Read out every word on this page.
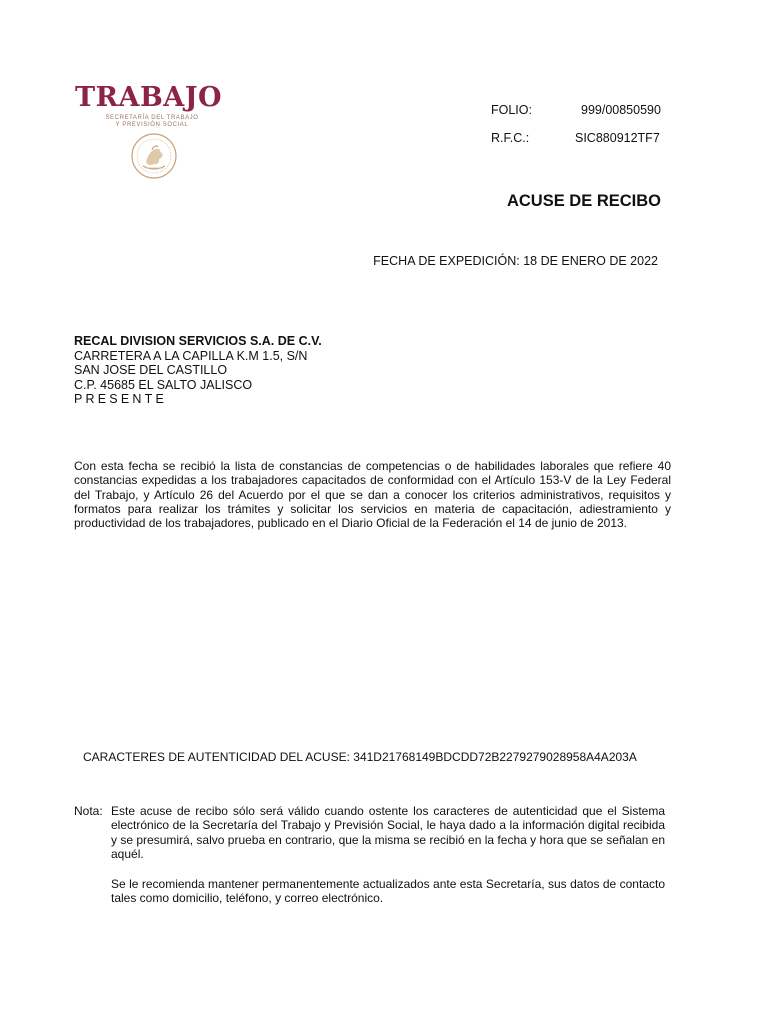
TRABAJO
SECRETARÍA DEL TRABAJO
Y PREVISIÓN SOCIAL
FOLIO:	999/00850590
R.F.C.:	SIC880912TF7
ACUSE DE RECIBO
FECHA DE EXPEDICIÓN: 18 DE ENERO DE 2022
RECAL DIVISION SERVICIOS S.A. DE C.V.
CARRETERA A LA CAPILLA K.M 1.5, S/N
SAN JOSE DEL CASTILLO
C.P. 45685 EL SALTO JALISCO
PRESENTE
Con esta fecha se recibió la lista de constancias de competencias o de habilidades laborales que refiere 40 constancias expedidas a los trabajadores capacitados de conformidad con el Artículo 153-V de la Ley Federal del Trabajo, y Artículo 26 del Acuerdo por el que se dan a conocer los criterios administrativos, requisitos y formatos para realizar los trámites y solicitar los servicios en materia de capacitación, adiestramiento y productividad de los trabajadores, publicado en el Diario Oficial de la Federación el 14 de junio de 2013.
CARACTERES DE AUTENTICIDAD DEL ACUSE: 341D21768149BDCDD72B2279279028958A4A203A
Nota: Este acuse de recibo sólo será válido cuando ostente los caracteres de autenticidad que el Sistema electrónico de la Secretaría del Trabajo y Previsión Social, le haya dado a la información digital recibida y se presumirá, salvo prueba en contrario, que la misma se recibió en la fecha y hora que se señalan en aquél.
Se le recomienda mantener permanentemente actualizados ante esta Secretaría, sus datos de contacto tales como domicilio, teléfono, y correo electrónico.
